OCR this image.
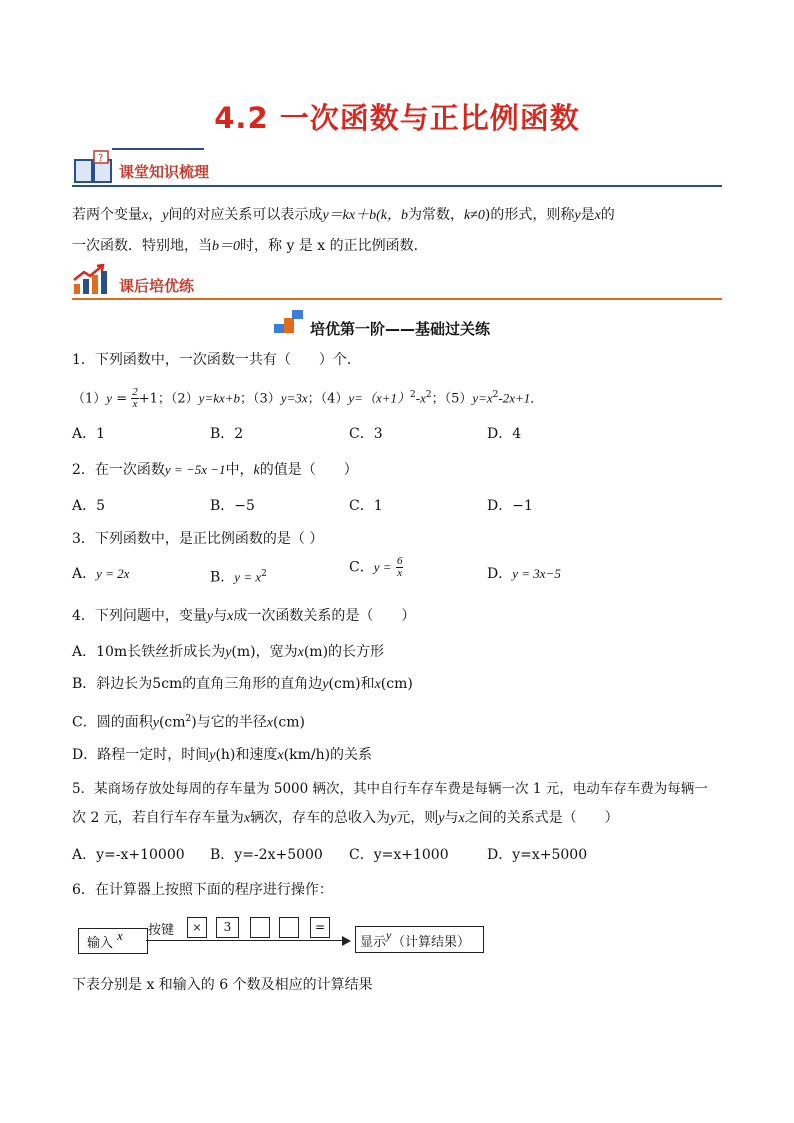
4.2 一次函数与正比例函数
?
课堂知识梳理
若两个变量x，y间的对应关系可以表示成y＝kx＋b(k，b为常数，k≠0)的形式，则称y是x的
一次函数．特别地，当b＝0时，称 y 是 x 的正比例函数．
课后培优练
培优第一阶——基础过关练
1．下列函数中，一次函数一共有（　　）个．
$(1)y = \frac{2}{x} +1$；（2）y=kx+b；（3）y=3x；$(4)y=(x+1)^2-x^2$；$(5)y=x^2-2x+1$．
A．1	B．2	C．3	D．4
2．在一次函数y = −5x −1中，k的值是（　　）
A．5	B．−5	C．1	D．−1
3．下列函数中，是正比例函数的是（ ）
A．y = 2x	B．$y = x^2$	C．$y = \frac{6}{x}$	D．y = 3x−5
4．下列问题中，变量y与x成一次函数关系的是（　　）
A．10m长铁丝折成长为y(m)，宽为x(m)的长方形
B．斜边长为5cm的直角三角形的直角边y(cm)和x(cm)
C．圆的面积$y(cm^2)$与它的半径x(cm)
D．路程一定时，时间y(h)和速度x(km/h)的关系
5．某商场存放处每周的存车量为 5000 辆次，其中自行车存车费是每辆一次 1 元，电动车存车费为每辆一
次 2 元，若自行车存车量为x辆次，存车的总收入为y元，则y与x之间的关系式是（　　）
A．y=-x+10000 B．y=-2x+5000 C．y=x+1000	D．y=x+5000
6．在计算器上按照下面的程序进行操作：
输入
x 按键	×	3	=
显示 y （计算结果）
下表分别是 x 和输入的 6 个数及相应的计算结果
